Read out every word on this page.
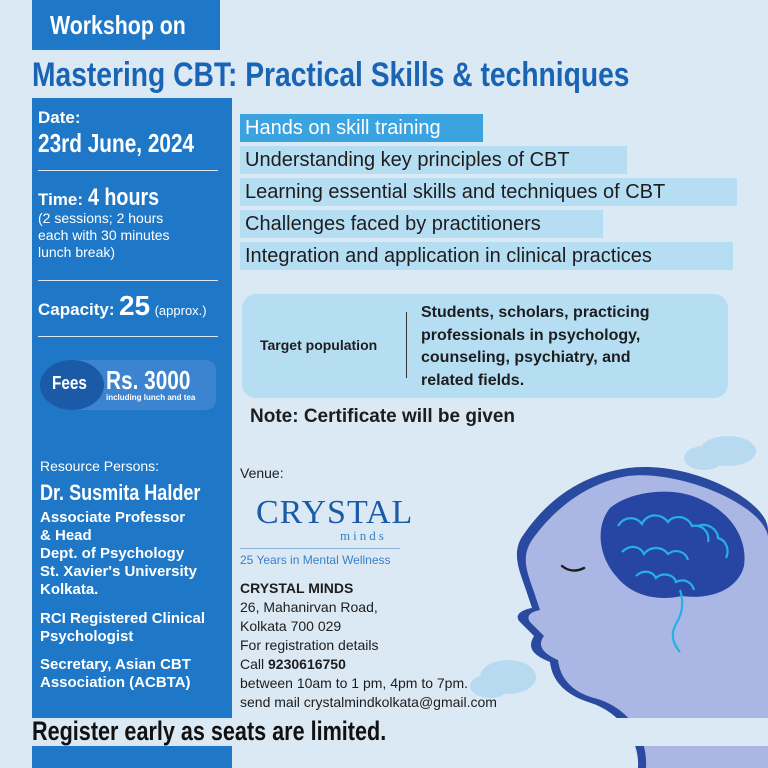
Workshop on
Mastering CBT: Practical Skills & techniques
Date:
23rd June, 2024
Time: 4 hours
(2 sessions; 2 hours
each with 30 minutes
lunch break)
Capacity: 25 (approx.)
Fees Rs. 3000
including lunch and tea
Resource Persons:
Dr. Susmita Halder
Associate Professor
& Head
Dept. of Psychology
St. Xavier's University
Kolkata.
RCI Registered Clinical
Psychologist
Secretary, Asian CBT
Association (ACBTA)
Hands on skill training
Understanding key principles of CBT
Learning essential skills and techniques of CBT
Challenges faced by practitioners
Integration and application in clinical practices
Target population
Students, scholars, practicing
professionals in psychology,
counseling, psychiatry, and
related fields.
Note: Certificate will be given
Venue:
CRYSTAL
minds
25 Years in Mental Wellness
CRYSTAL MINDS
26, Mahanirvan Road,
Kolkata 700 029
For registration details
Call 9230616750
between 10am to 1 pm, 4pm to 7pm.
send mail crystalmindkolkata@gmail.com
Register early as seats are limited.
